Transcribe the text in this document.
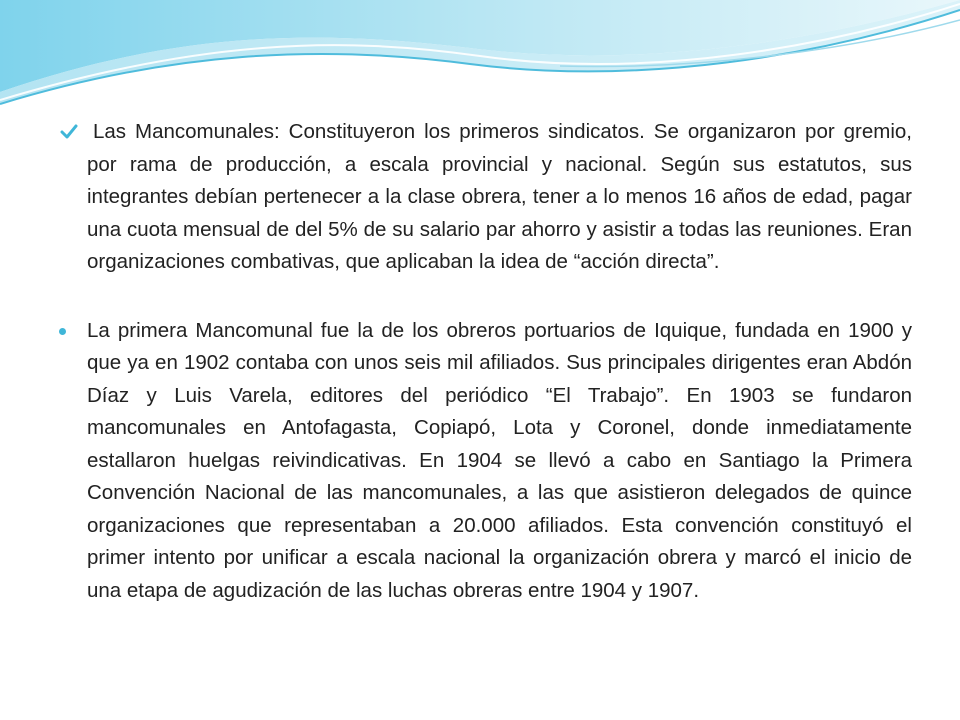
Las Mancomunales: Constituyeron los primeros sindicatos. Se organizaron por gremio, por rama de producción, a escala provincial y nacional. Según sus estatutos, sus integrantes debían pertenecer a la clase obrera, tener a lo menos 16 años de edad, pagar una cuota mensual de del 5% de su salario par ahorro y asistir a todas las reuniones. Eran organizaciones combativas, que aplicaban la idea de “acción directa”.
La primera Mancomunal fue la de los obreros portuarios de Iquique, fundada en 1900 y que ya en 1902 contaba con unos seis mil afiliados. Sus principales dirigentes eran Abdón Díaz y Luis Varela, editores del periódico “El Trabajo”. En 1903 se fundaron mancomunales en Antofagasta, Copiapó, Lota y Coronel, donde inmediatamente estallaron huelgas reivindicativas. En 1904 se llevó a cabo en Santiago la Primera Convención Nacional de las mancomunales, a las que asistieron delegados de quince organizaciones que representaban a 20.000 afiliados. Esta convención constituyó el primer intento por unificar a escala nacional la organización obrera y marcó el inicio de una etapa de agudización de las luchas obreras entre 1904 y 1907.
